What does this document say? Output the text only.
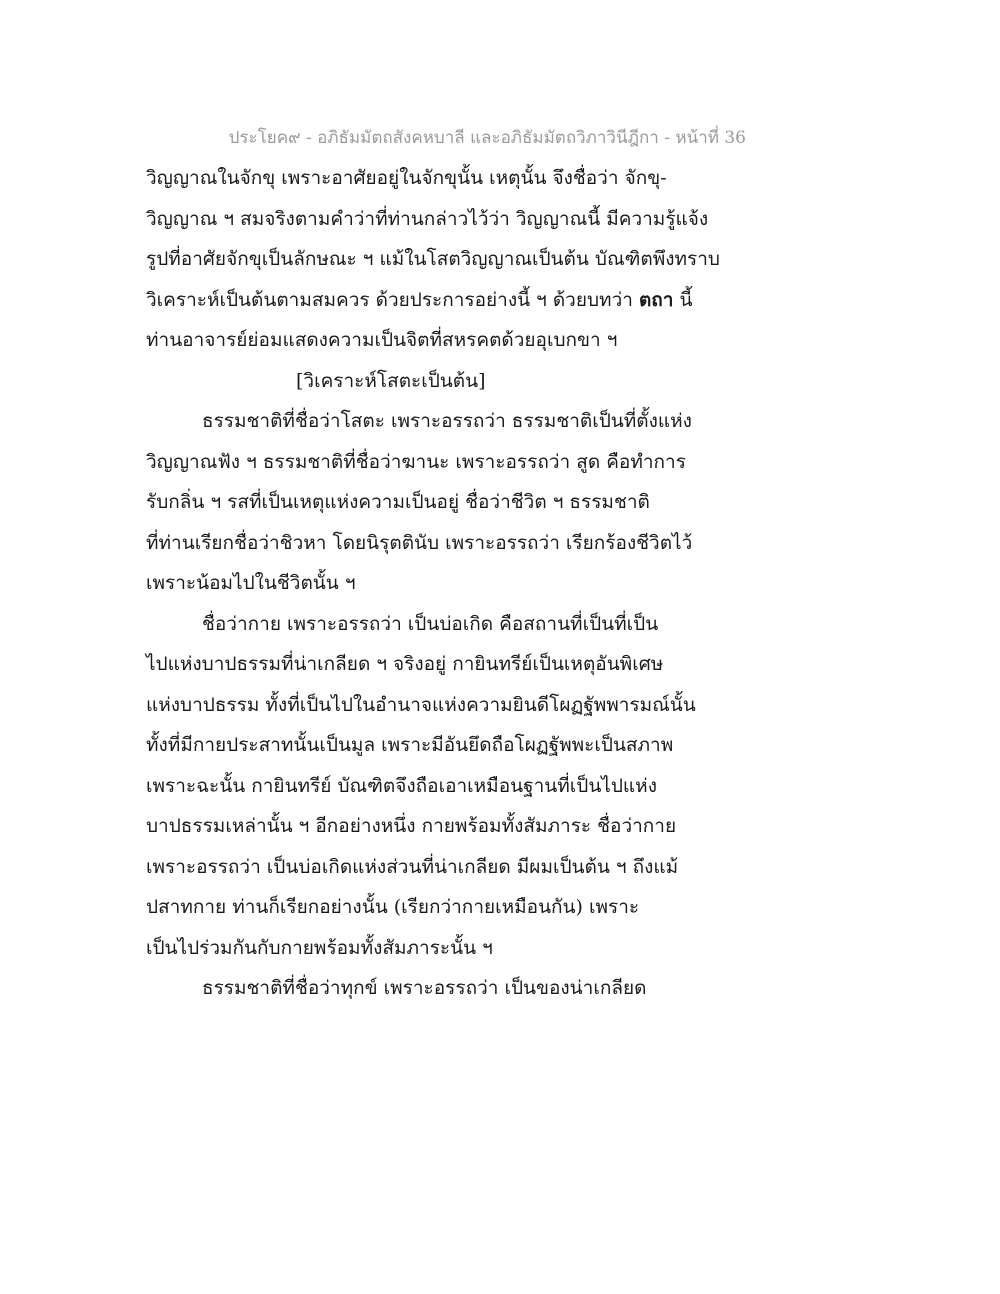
ประโยค๙ - อภิธัมมัตถสังคหบาลี และอภิธัมมัตถวิภาวินีฎีกา - หน้าที่ 36
วิญญาณในจักขุ เพราะอาศัยอยู่ในจักขุนั้น เหตุนั้น จึงชื่อว่า จักขุ-
วิญญาณ ฯ สมจริงตามคำว่าที่ท่านกล่าวไว้ว่า วิญญาณนี้ มีความรู้แจ้ง
รูปที่อาศัยจักขุเป็นลักษณะ ฯ แม้ในโสตวิญญาณเป็นต้น บัณฑิตพึงทราบ
วิเคราะห์เป็นต้นตามสมควร ด้วยประการอย่างนี้ ฯ ด้วยบทว่า ตถา นี้
ท่านอาจารย์ย่อมแสดงความเป็นจิตที่สหรคตด้วยอุเบกขา ฯ
[วิเคราะห์โสตะเป็นต้น]
ธรรมชาติที่ชื่อว่าโสตะ เพราะอรรถว่า ธรรมชาติเป็นที่ตั้งแห่ง
วิญญาณฟัง ฯ ธรรมชาติที่ชื่อว่าฆานะ เพราะอรรถว่า สูด คือทำการ
รับกลิ่น ฯ รสที่เป็นเหตุแห่งความเป็นอยู่ ชื่อว่าชีวิต ฯ ธรรมชาติ
ที่ท่านเรียกชื่อว่าชิวหา โดยนิรุตตินับ เพราะอรรถว่า เรียกร้องชีวิตไว้
เพราะน้อมไปในชีวิตนั้น ฯ
ชื่อว่ากาย เพราะอรรถว่า เป็นบ่อเกิด คือสถานที่เป็นที่เป็น
ไปแห่งบาปธรรมที่น่าเกลียด ฯ จริงอยู่ กายินทรีย์เป็นเหตุอันพิเศษ
แห่งบาปธรรม ทั้งที่เป็นไปในอำนาจแห่งความยินดีโผฏฐัพพารมณ์นั้น
ทั้งที่มีกายประสาทนั้นเป็นมูล เพราะมีอันยึดถือโผฏฐัพพะเป็นสภาพ
เพราะฉะนั้น กายินทรีย์ บัณฑิตจึงถือเอาเหมือนฐานที่เป็นไปแห่ง
บาปธรรมเหล่านั้น ฯ อีกอย่างหนึ่ง กายพร้อมทั้งสัมภาระ ชื่อว่ากาย
เพราะอรรถว่า เป็นบ่อเกิดแห่งส่วนที่น่าเกลียด มีผมเป็นต้น ฯ ถึงแม้
ปสาทกาย ท่านก็เรียกอย่างนั้น (เรียกว่ากายเหมือนกัน) เพราะ
เป็นไปร่วมกันกับกายพร้อมทั้งสัมภาระนั้น ฯ
ธรรมชาติที่ชื่อว่าทุกข์ เพราะอรรถว่า เป็นของน่าเกลียด
